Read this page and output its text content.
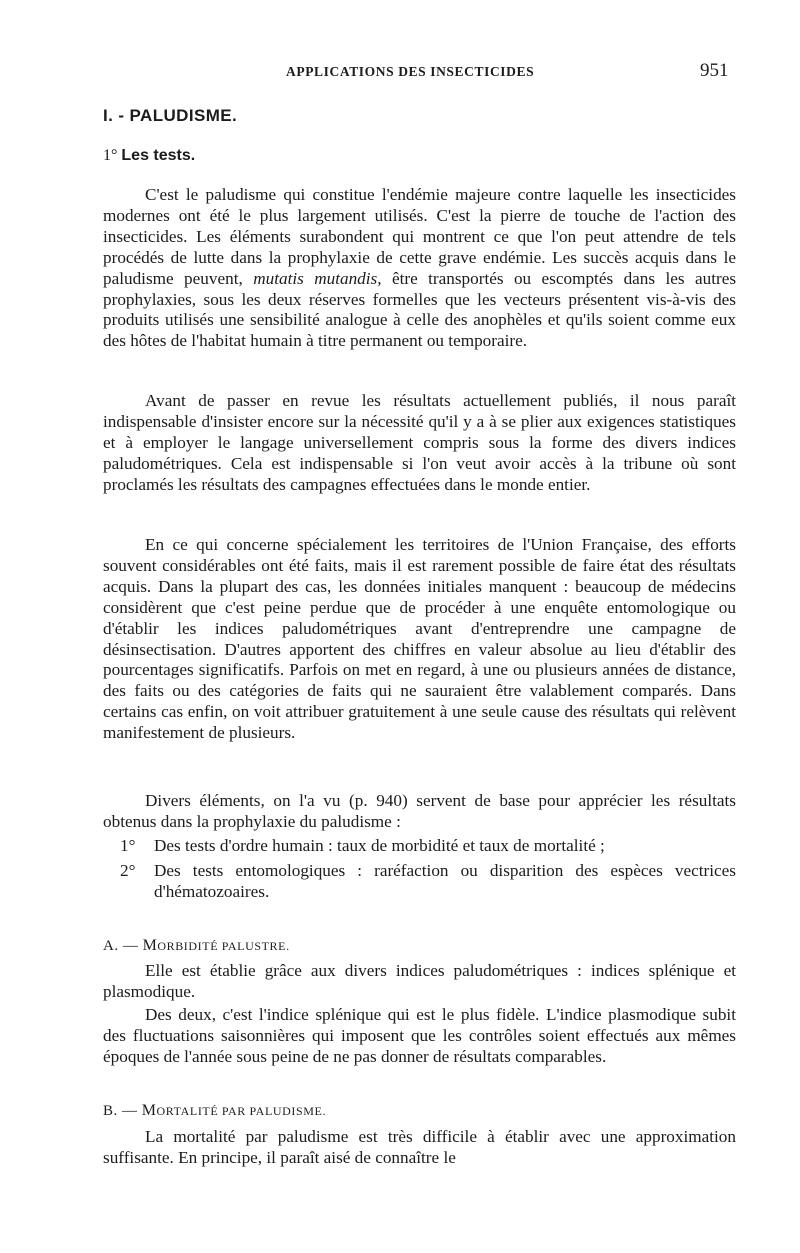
APPLICATIONS DES INSECTICIDES	951
I. - PALUDISME.
1° Les tests.

C'est le paludisme qui constitue l'endémie majeure contre laquelle les insecticides modernes ont été le plus largement utilisés. C'est la pierre de touche de l'action des insecticides. Les éléments surabondent qui montrent ce que l'on peut attendre de tels procédés de lutte dans la prophylaxie de cette grave endémie. Les succès acquis dans le paludisme peuvent, mutatis mutandis, être transportés ou escomptés dans les autres prophylaxies, sous les deux réserves formelles que les vecteurs présentent vis-à-vis des produits utilisés une sensibilité analogue à celle des anophèles et qu'ils soient comme eux des hôtes de l'habitat humain à titre permanent ou temporaire.

Avant de passer en revue les résultats actuellement publiés, il nous paraît indispensable d'insister encore sur la nécessité qu'il y a à se plier aux exigences statistiques et à employer le langage universellement compris sous la forme des divers indices paludométriques. Cela est indispensable si l'on veut avoir accès à la tribune où sont proclamés les résultats des campagnes effectuées dans le monde entier.

En ce qui concerne spécialement les territoires de l'Union Française, des efforts souvent considérables ont été faits, mais il est rarement possible de faire état des résultats acquis. Dans la plupart des cas, les données initiales manquent : beaucoup de médecins considèrent que c'est peine perdue que de procéder à une enquête entomologique ou d'établir les indices paludométriques avant d'entreprendre une campagne de désinsectisation. D'autres apportent des chiffres en valeur absolue au lieu d'établir des pourcentages significatifs. Parfois on met en regard, à une ou plusieurs années de distance, des faits ou des catégories de faits qui ne sauraient être valablement comparés. Dans certains cas enfin, on voit attribuer gratuitement à une seule cause des résultats qui relèvent manifestement de plusieurs.

Divers éléments, on l'a vu (p. 940) servent de base pour apprécier les résultats obtenus dans la prophylaxie du paludisme :

1°	Des tests d'ordre humain : taux de morbidité et taux de mortalité ;
2°	Des tests entomologiques : raréfaction ou disparition des espèces vectrices d'hématozoaires.
A. — MORBIDITÉ PALUSTRE.

Elle est établie grâce aux divers indices paludométriques : indices splénique et plasmodique.

Des deux, c'est l'indice splénique qui est le plus fidèle. L'indice plasmodique subit des fluctuations saisonnières qui imposent que les contrôles soient effectués aux mêmes époques de l'année sous peine de ne pas donner de résultats comparables.

B. — MORTALITÉ PAR PALUDISME.

La mortalité par paludisme est très difficile à établir avec une approximation suffisante. En principe, il paraît aisé de connaître le
